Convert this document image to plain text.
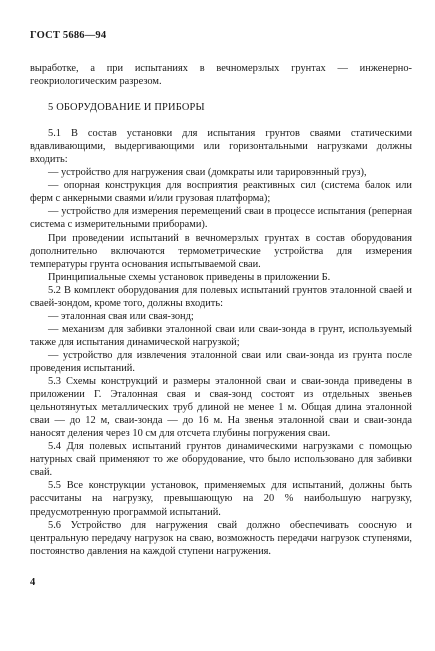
ГОСТ 5686—94

выработке, а при испытаниях в вечномерзлых грунтах — инженерно-геокриологическим разрезом.

5 ОБОРУДОВАНИЕ И ПРИБОРЫ

5.1 В состав установки для испытания грунтов сваями статическими вдавливающими, выдергивающими или горизонтальными нагрузками должны входить:

— устройство для нагружения сваи (домкраты или тарировэнный груз),

— опорная конструкция для восприятия реактивных сил (система балок или ферм с анкерными сваями и/или грузовая платформа);

— устройство для измерения перемещений сваи в процессе испытания (реперная система с измерительными приборами).

При проведении испытаний в вечномерзлых грунтах в состав оборудования дополнительно включаются термометрические устройства для измерения температуры грунта основания испытываемой сваи.

Принципиальные схемы установок приведены в приложении Б.

5.2 В комплект оборудования для полевых испытаний грунтов эталонной сваей и сваей-зондом, кроме того, должны входить:

— эталонная свая или свая-зонд;

— механизм для забивки эталонной сваи или сваи-зонда в грунт, используемый также для испытания динамической нагрузкой;

— устройство для извлечения эталонной сваи или сваи-зонда из грунта после проведения испытаний.

5.3 Схемы конструкций и размеры эталонной сваи и сваи-зонда приведены в приложении Г. Эталонная свая и свая-зонд состоят из отдельных звеньев цельнотянутых металлических труб длиной не менее 1 м. Общая длина эталонной сваи — до 12 м, сваи-зонда — до 16 м. На звенья эталонной сваи и сваи-зонда наносят деления через 10 см для отсчета глубины погружения сваи.

5.4 Для полевых испытаний грунтов динамическими нагрузками с помощью натурных свай применяют то же оборудование, что было использовано для забивки свай.

5.5 Все конструкции установок, применяемых для испытаний, должны быть рассчитаны на нагрузку, превышающую на 20 % наибольшую нагрузку, предусмотренную программой испытаний.

5.6 Устройство для нагружения свай должно обеспечивать соосную и центральную передачу нагрузок на сваю, возможность передачи нагрузок ступенями, постоянство давления на каждой ступени нагружения.

4
